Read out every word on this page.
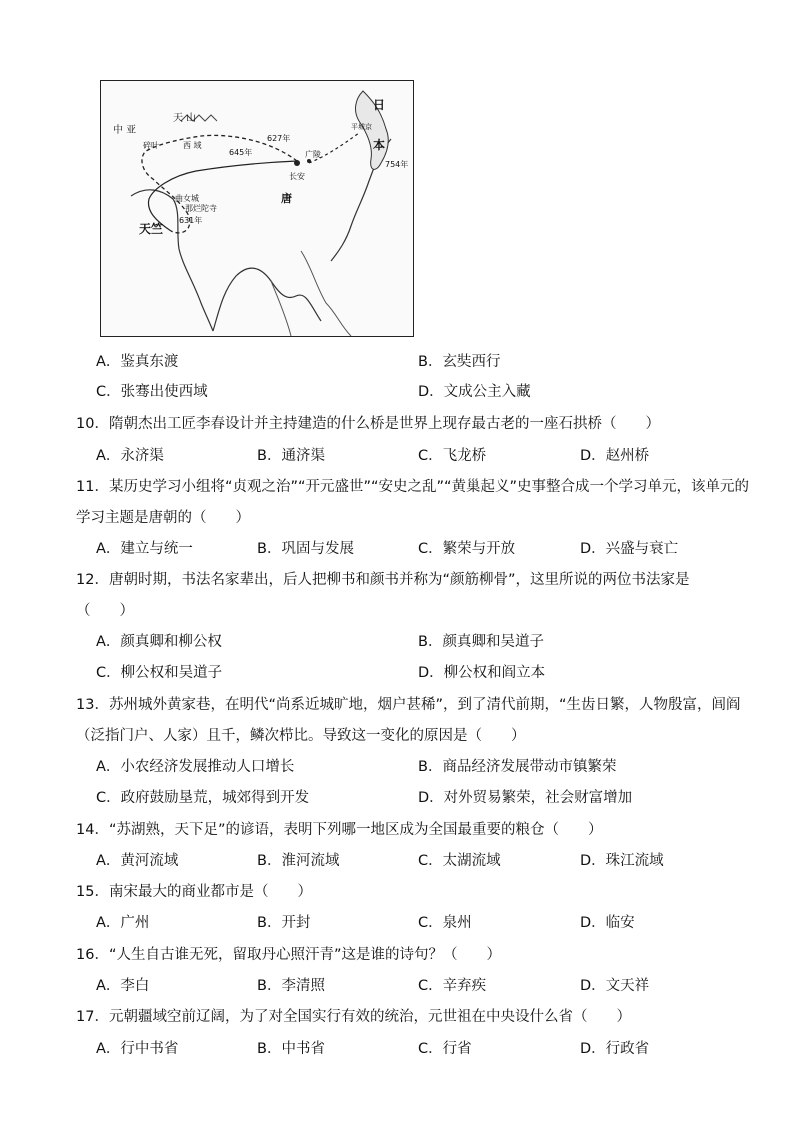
中 亚
天 山
碎叶	西 域
645年
627年
长安
广陵
唐
曲女城
那烂陀寺
631年
天竺
日
本
平城京
754年
A．鉴真东渡	B．玄奘西行
C．张骞出使西域	D．文成公主入藏
10．隋朝杰出工匠李春设计并主持建造的什么桥是世界上现存最古老的一座石拱桥（　　）
A．永济渠	B．通济渠	C．飞龙桥	D．赵州桥
11．某历史学习小组将“贞观之治”“开元盛世”“安史之乱”“黄巢起义”史事整合成一个学习单元，该单元的
学习主题是唐朝的（　　）
A．建立与统一	B．巩固与发展	C．繁荣与开放	D．兴盛与衰亡
12．唐朝时期，书法名家辈出，后人把柳书和颜书并称为“颜筋柳骨”，这里所说的两位书法家是
（　　）
A．颜真卿和柳公权	B．颜真卿和吴道子
C．柳公权和吴道子	D．柳公权和阎立本
13．苏州城外黄家巷，在明代“尚系近城旷地，烟户甚稀”，到了清代前期，“生齿日繁，人物殷富，闾阎
（泛指门户、人家）且千，鳞次栉比。导致这一变化的原因是（　　）
A．小农经济发展推动人口增长	B．商品经济发展带动市镇繁荣
C．政府鼓励垦荒，城郊得到开发	D．对外贸易繁荣，社会财富增加
14．“苏湖熟，天下足”的谚语，表明下列哪一地区成为全国最重要的粮仓（　　）
A．黄河流域	B．淮河流域	C．太湖流域	D．珠江流域
15．南宋最大的商业都市是（　　）
A．广州	B．开封	C．泉州	D．临安
16．“人生自古谁无死，留取丹心照汗青”这是谁的诗句？（　　）
A．李白	B．李清照	C．辛弃疾	D．文天祥
17．元朝疆域空前辽阔，为了对全国实行有效的统治，元世祖在中央设什么省（　　）
A．行中书省	B．中书省	C．行省	D．行政省
